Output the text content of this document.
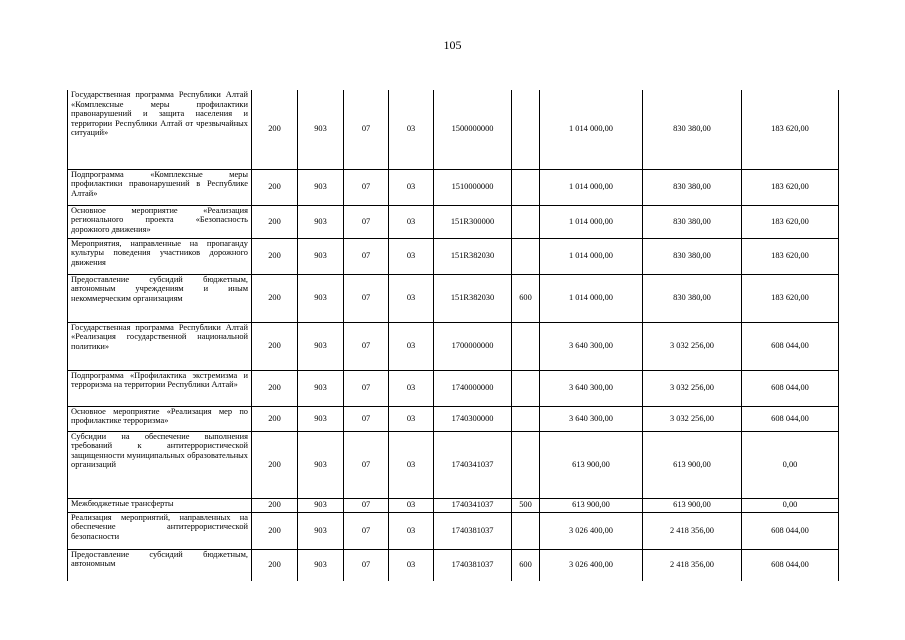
105
Государственная программа Республики Алтай «Комплексные меры профилактики правонарушений и защита населения и территории Республики Алтай от чрезвычайных ситуаций»	200	903	07	03	1500000000		1 014 000,00	830 380,00	183 620,00
Подпрограмма «Комплексные меры профилактики правонарушений в Республике Алтай»	200	903	07	03	1510000000		1 014 000,00	830 380,00	183 620,00
Основное мероприятие «Реализация регионального проекта «Безопасность дорожного движения»	200	903	07	03	151R300000		1 014 000,00	830 380,00	183 620,00
Мероприятия, направленные на пропаганду культуры поведения участников дорожного движения	200	903	07	03	151R382030		1 014 000,00	830 380,00	183 620,00
Предоставление субсидий бюджетным, автономным учреждениям и иным некоммерческим организациям	200	903	07	03	151R382030	600	1 014 000,00	830 380,00	183 620,00
Государственная программа Республики Алтай «Реализация государственной национальной политики»	200	903	07	03	1700000000		3 640 300,00	3 032 256,00	608 044,00
Подпрограмма «Профилактика экстремизма и терроризма на территории Республики Алтай»	200	903	07	03	1740000000		3 640 300,00	3 032 256,00	608 044,00
Основное мероприятие «Реализация мер по профилактике терроризма»	200	903	07	03	1740300000		3 640 300,00	3 032 256,00	608 044,00
Субсидии на обеспечение выполнения требований к антитеррористической защищенности муниципальных образовательных организаций	200	903	07	03	1740341037		613 900,00	613 900,00	0,00
Межбюджетные трансферты	200	903	07	03	1740341037	500	613 900,00	613 900,00	0,00
Реализация мероприятий, направленных на обеспечение антитеррористической безопасности	200	903	07	03	1740381037		3 026 400,00	2 418 356,00	608 044,00
Предоставление субсидий бюджетным, автономным	200	903	07	03	1740381037	600	3 026 400,00	2 418 356,00	608 044,00
